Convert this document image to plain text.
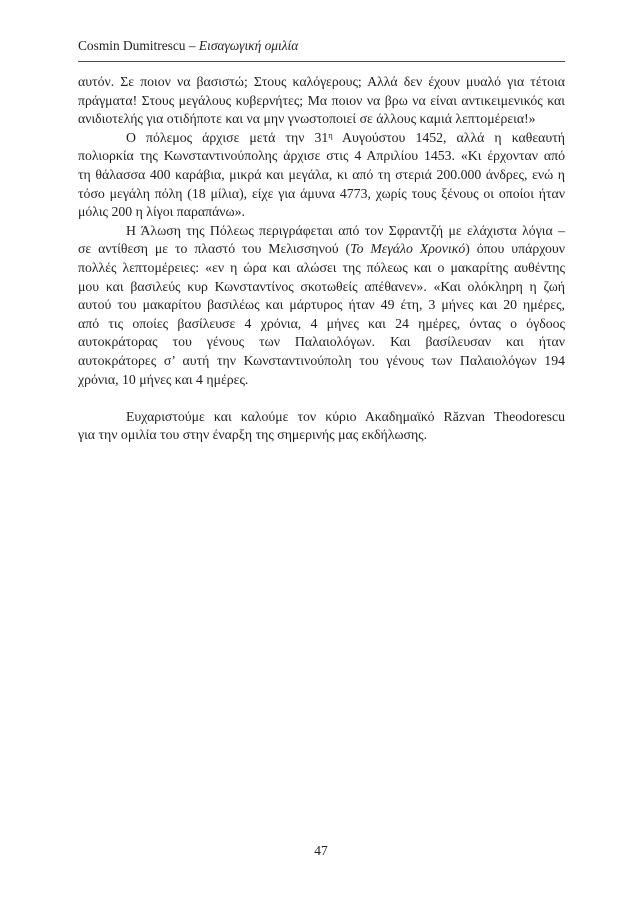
Cosmin Dumitrescu – Εισαγωγική ομιλία
αυτόν. Σε ποιον να βασιστώ; Στους καλόγερους; Αλλά δεν έχουν μυαλό για τέτοια
πράγματα! Στους μεγάλους κυβερνήτες; Μα ποιον να βρω να είναι αντικειμενικός και
ανιδιοτελής για οτιδήποτε και να μην γνωστοποιεί σε άλλους καμιά λεπτομέρεια!»
Ο πόλεμος άρχισε μετά την $31^\eta$ Αυγούστου 1452, αλλά η καθεαυτή
πολιορκία της Κωνσταντινούπολης άρχισε στις 4 Απριλίου 1453. «Κι έρχονταν από
τη θάλασσα 400 καράβια, μικρά και μεγάλα, κι από τη στεριά 200.000 άνδρες, ενώ η
τόσο μεγάλη πόλη (18 μίλια), είχε για άμυνα 4773, χωρίς τους ξένους οι οποίοι ήταν
μόλις 200 η λίγοι παραπάνω».
Η Άλωση της Πόλεως περιγράφεται από τον Σφραντζή με ελάχιστα λόγια –
σε αντίθεση με το πλαστό του Μελισσηνού (Το Μεγάλο Χρονικό) όπου υπάρχουν
πολλές λεπτομέρειες: «εν η ώρα και αλώσει της πόλεως και ο μακαρίτης αυθέντης
μου και βασιλεύς κυρ Κωνσταντίνος σκοτωθείς απέθανεν». «Και ολόκληρη η ζωή
αυτού του μακαρίτου βασιλέως και μάρτυρος ήταν 49 έτη, 3 μήνες και 20 ημέρες,
από τις οποίες βασίλευσε 4 χρόνια, 4 μήνες και 24 ημέρες, όντας ο όγδοος
αυτοκράτορας του γένους των Παλαιολόγων. Και βασίλευσαν και ήταν
αυτοκράτορες σ’ αυτή την Κωνσταντινούπολη του γένους των Παλαιολόγων 194
χρόνια, 10 μήνες και 4 ημέρες.
Ευχαριστούμε και καλούμε τον κύριο Ακαδημαϊκό Răzvan Theodorescu
για την ομιλία του στην έναρξη της σημερινής μας εκδήλωσης.
47
